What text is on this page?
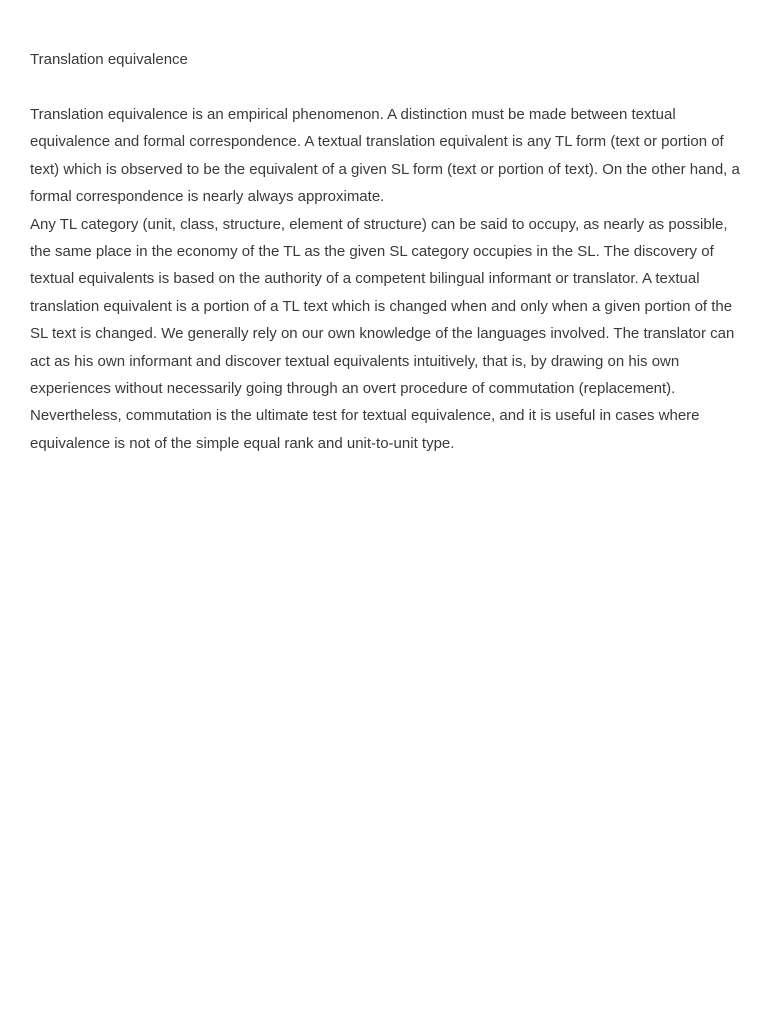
Translation equivalence

Translation equivalence is an empirical phenomenon. A distinction must be made between textual equivalence and formal correspondence. A textual translation equivalent is any TL form (text or portion of text) which is observed to be the equivalent of a given SL form (text or portion of text). On the other hand, a formal correspondence is nearly always approximate.

Any TL category (unit, class, structure, element of structure) can be said to occupy, as nearly as possible, the same place in the economy of the TL as the given SL category occupies in the SL. The discovery of textual equivalents is based on the authority of a competent bilingual informant or translator. A textual translation equivalent is a portion of a TL text which is changed when and only when a given portion of the SL text is changed. We generally rely on our own knowledge of the languages involved. The translator can act as his own informant and discover textual equivalents intuitively, that is, by drawing on his own experiences without necessarily going through an overt procedure of commutation (replacement). Nevertheless, commutation is the ultimate test for textual equivalence, and it is useful in cases where equivalence is not of the simple equal rank and unit-to-unit type.
